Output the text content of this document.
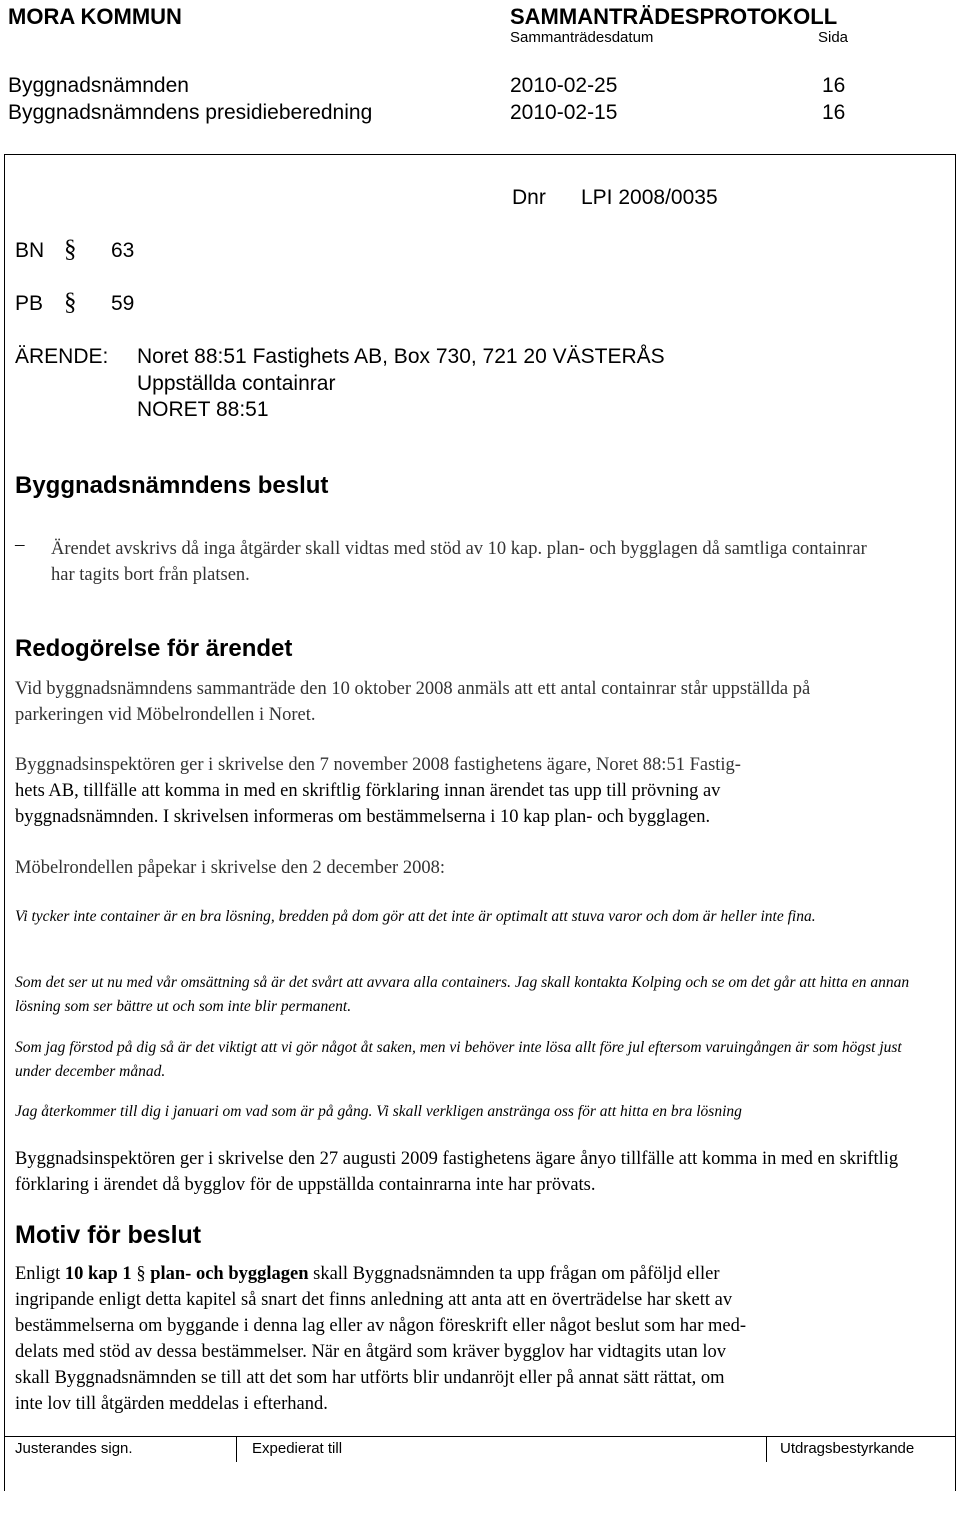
MORA KOMMUN	SAMMANTRÄDESPROTOKOLL
Sammanträdesdatum	Sida
Byggnadsnämnden	2010-02-25	16
Byggnadsnämndens presidieberedning	2010-02-15	16
Dnr LPI 2008/0035
BN § 63
PB § 59
ÄRENDE: Noret 88:51 Fastighets AB, Box 730, 721 20 VÄSTERÅS
Uppställda containrar
NORET 88:51
Byggnadsnämndens beslut
– Ärendet avskrivs då inga åtgärder skall vidtas med stöd av 10 kap. plan- och bygglagen då samtliga containrar har tagits bort från platsen.
Redogörelse för ärendet
Vid byggnadsnämndens sammanträde den 10 oktober 2008 anmäls att ett antal containrar står uppställda på parkeringen vid Möbelrondellen i Noret.
Byggnadsinspektören ger i skrivelse den 7 november 2008 fastighetens ägare, Noret 88:51 Fastig-
hets AB, tillfälle att komma in med en skriftlig förklaring innan ärendet tas upp till prövning av
byggnadsnämnden. I skrivelsen informeras om bestämmelserna i 10 kap plan- och bygglagen.
Möbelrondellen påpekar i skrivelse den 2 december 2008:
Vi tycker inte container är en bra lösning, bredden på dom gör att det inte är optimalt att stuva varor och dom är heller inte fina.
Som det ser ut nu med vår omsättning så är det svårt att avvara alla containers. Jag skall kontakta Kolping och se om det går att hitta en annan lösning som ser bättre ut och som inte blir permanent.
Som jag förstod på dig så är det viktigt att vi gör något åt saken, men vi behöver inte lösa allt före jul eftersom varuingången är som högst just under december månad.
Jag återkommer till dig i januari om vad som är på gång. Vi skall verkligen anstränga oss för att hitta en bra lösning
Byggnadsinspektören ger i skrivelse den 27 augusti 2009 fastighetens ägare ånyo tillfälle att komma in med en skriftlig förklaring i ärendet då bygglov för de uppställda containrarna inte har prövats.
Motiv för beslut
Enligt 10 kap 1 § plan- och bygglagen skall Byggnadsnämnden ta upp frågan om påföljd eller
ingripande enligt detta kapitel så snart det finns anledning att anta att en överträdelse har skett av
bestämmelserna om byggande i denna lag eller av någon föreskrift eller något beslut som har med-
delats med stöd av dessa bestämmelser. När en åtgärd som kräver bygglov har vidtagits utan lov
skall Byggnadsnämnden se till att det som har utförts blir undanröjt eller på annat sätt rättat, om
inte lov till åtgärden meddelas i efterhand.
Justerandes sign.	Expedierat till	Utdragsbestyrkande
